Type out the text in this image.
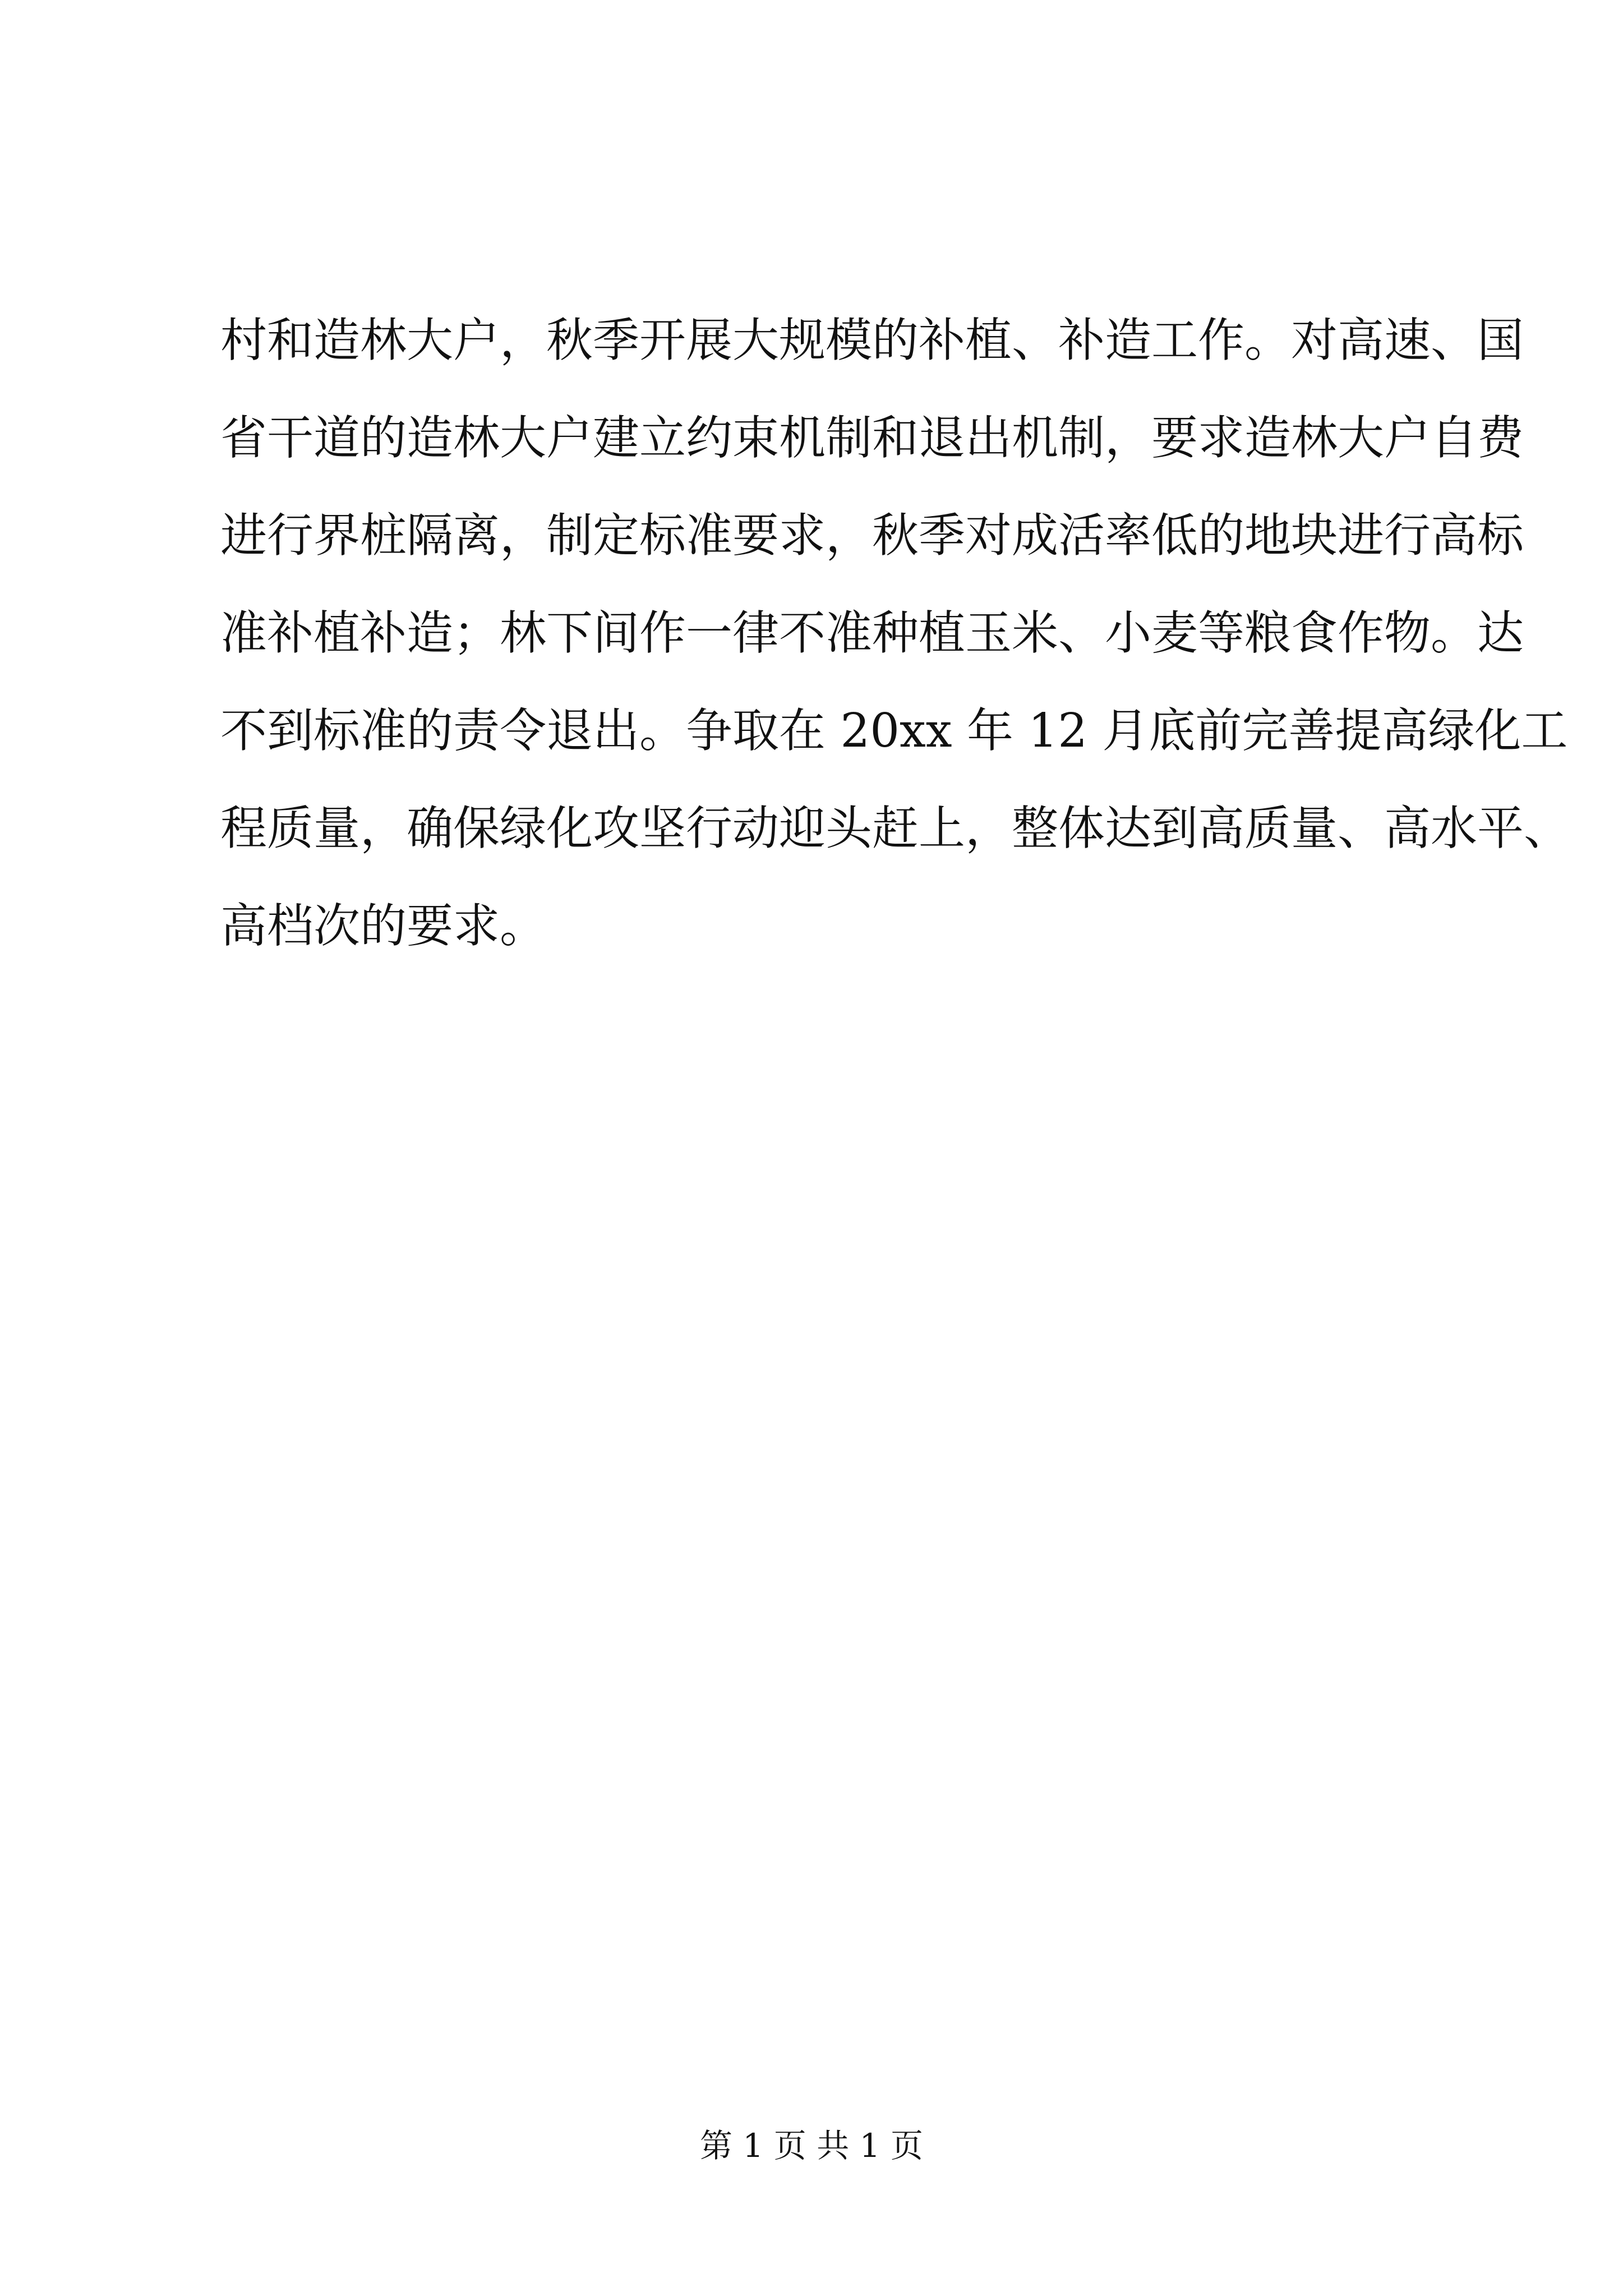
村和造林大户，秋季开展大规模的补植、补造工作。对高速、国
省干道的造林大户建立约束机制和退出机制，要求造林大户自费
进行界桩隔离，制定标准要求，秋季对成活率低的地块进行高标
准补植补造；林下间作一律不准种植玉米、小麦等粮食作物。达
不到标准的责令退出。争取在 20xx 年 12 月底前完善提高绿化工
程质量，确保绿化攻坚行动迎头赶上，整体达到高质量、高水平、
高档次的要求。
第 1 页 共 1 页
